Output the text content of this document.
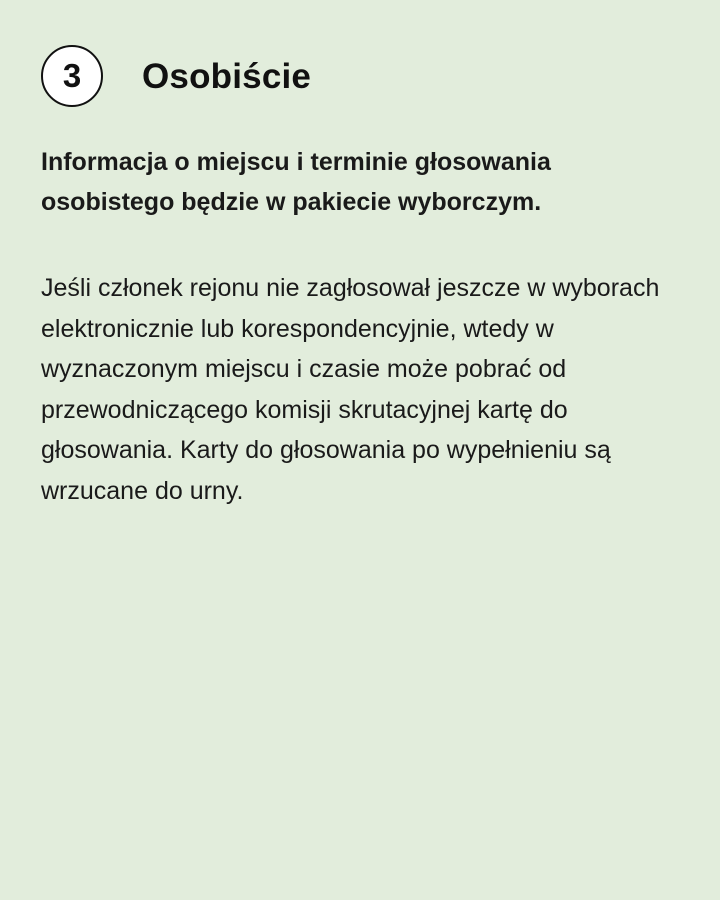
3	Osobiście
Informacja o miejscu i terminie głosowania osobistego będzie w pakiecie wyborczym.
Jeśli członek rejonu nie zagłosował jeszcze w wyborach elektronicznie lub korespondencyjnie, wtedy w wyznaczonym miejscu i czasie może pobrać od przewodniczącego komisji skrutacyjnej kartę do głosowania. Karty do głosowania po wypełnieniu są wrzucane do urny.
